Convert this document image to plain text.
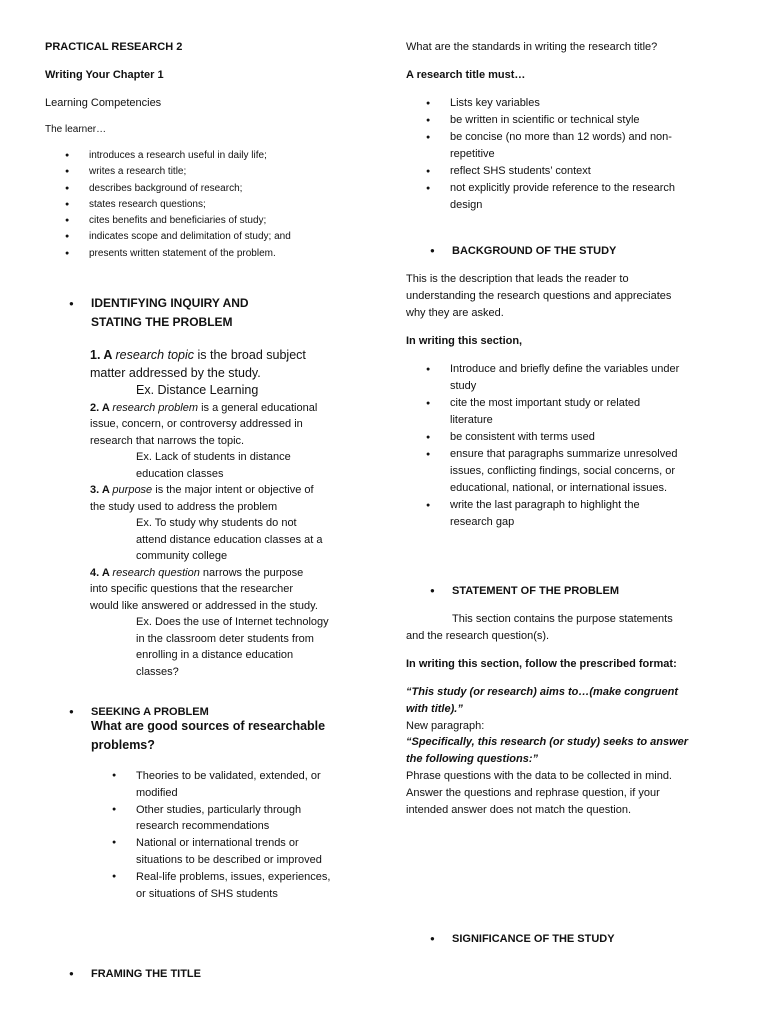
PRACTICAL RESEARCH 2
Writing Your Chapter 1
Learning Competencies
The learner…
● introduces a research useful in daily life;
● writes a research title;
● describes background of research;
● states research questions;
● cites benefits and beneficiaries of study;
● indicates scope and delimitation of study; and
● presents written statement of the problem.
● IDENTIFYING INQUIRY AND
STATING THE PROBLEM
1. A research topic is the broad subject
matter addressed by the study.
Ex. Distance Learning
2. A research problem is a general educational
issue, concern, or controversy addressed in
research that narrows the topic.
Ex. Lack of students in distance
education classes
3. A purpose is the major intent or objective of
the study used to address the problem
Ex. To study why students do not
attend distance education classes at a
community college
4. A research question narrows the purpose
into specific questions that the researcher
would like answered or addressed in the study.
Ex. Does the use of Internet technology
in the classroom deter students from
enrolling in a distance education
classes?
● SEEKING A PROBLEM
What are good sources of researchable
problems?
● Theories to be validated, extended, or
modified
● Other studies, particularly through
research recommendations
● National or international trends or
situations to be described or improved
● Real-life problems, issues, experiences,
or situations of SHS students
● FRAMING THE TITLE
What are the standards in writing the research title?
A research title must…
● Lists key variables
● be written in scientific or technical style
● be concise (no more than 12 words) and non-
repetitive
● reflect SHS students’ context
● not explicitly provide reference to the research
design
● BACKGROUND OF THE STUDY
This is the description that leads the reader to
understanding the research questions and appreciates
why they are asked.
In writing this section,
● Introduce and briefly define the variables under
study
● cite the most important study or related
literature
● be consistent with terms used
● ensure that paragraphs summarize unresolved
issues, conflicting findings, social concerns, or
educational, national, or international issues.
● write the last paragraph to highlight the
research gap
● STATEMENT OF THE PROBLEM
This section contains the purpose statements
and the research question(s).
In writing this section, follow the prescribed format:
“This study (or research) aims to…(make congruent
with title).”
New paragraph:
“Specifically, this research (or study) seeks to answer
the following questions:”
Phrase questions with the data to be collected in mind.
Answer the questions and rephrase question, if your
intended answer does not match the question.
● SIGNIFICANCE OF THE STUDY
